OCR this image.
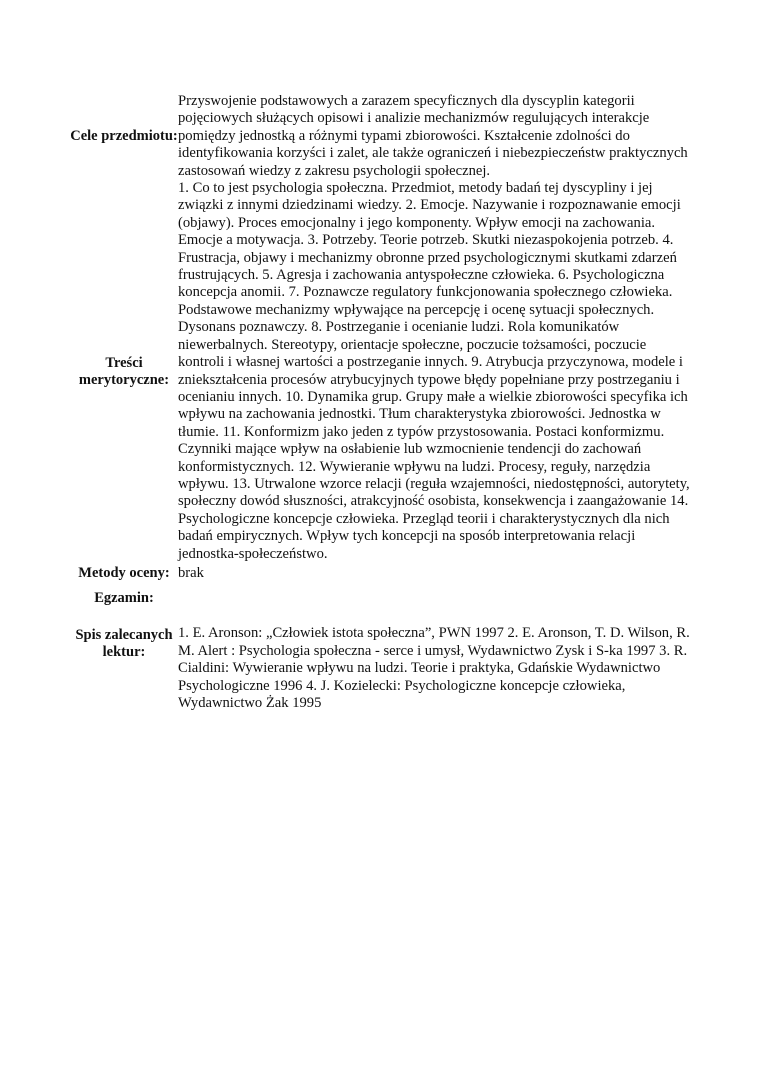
Cele przedmiotu:	Przyswojenie podstawowych a zarazem specyficznych dla dyscyplin kategorii pojęciowych służących opisowi i analizie mechanizmów regulujących interakcje pomiędzy jednostką a różnymi typami zbiorowości. Kształcenie zdolności do identyfikowania korzyści i zalet, ale także ograniczeń i niebezpieczeństw praktycznych zastosowań wiedzy z zakresu psychologii społecznej.
Treści merytoryczne:	1. Co to jest psychologia społeczna. Przedmiot, metody badań tej dyscypliny i jej związki z innymi dziedzinami wiedzy. 2. Emocje. Nazywanie i rozpoznawanie emocji (objawy). Proces emocjonalny i jego komponenty. Wpływ emocji na zachowania. Emocje a motywacja. 3. Potrzeby. Teorie potrzeb. Skutki niezaspokojenia potrzeb. 4. Frustracja, objawy i mechanizmy obronne przed psychologicznymi skutkami zdarzeń frustrujących. 5. Agresja i zachowania antyspołeczne człowieka. 6. Psychologiczna koncepcja anomii. 7. Poznawcze regulatory funkcjonowania społecznego człowieka. Podstawowe mechanizmy wpływające na percepcję i ocenę sytuacji społecznych. Dysonans poznawczy. 8. Postrzeganie i ocenianie ludzi. Rola komunikatów niewerbalnych. Stereotypy, orientacje społeczne, poczucie tożsamości, poczucie kontroli i własnej wartości a postrzeganie innych. 9. Atrybucja przyczynowa, modele i zniekształcenia procesów atrybucyjnych typowe błędy popełniane przy postrzeganiu i ocenianiu innych. 10. Dynamika grup. Grupy małe a wielkie zbiorowości specyfika ich wpływu na zachowania jednostki. Tłum charakterystyka zbiorowości. Jednostka w tłumie. 11. Konformizm jako jeden z typów przystosowania. Postaci konformizmu. Czynniki mające wpływ na osłabienie lub wzmocnienie tendencji do zachowań konformistycznych. 12. Wywieranie wpływu na ludzi. Procesy, reguły, narzędzia wpływu. 13. Utrwalone wzorce relacji (reguła wzajemności, niedostępności, autorytety, społeczny dowód słuszności, atrakcyjność osobista, konsekwencja i zaangażowanie 14. Psychologiczne koncepcje człowieka. Przegląd teorii i charakterystycznych dla nich badań empirycznych. Wpływ tych koncepcji na sposób interpretowania relacji jednostka-społeczeństwo.
Metody oceny:	brak
Egzamin:	
Spis zalecanych lektur:	1. E. Aronson: „Człowiek istota społeczna”, PWN 1997 2. E. Aronson, T. D. Wilson, R. M. Alert : Psychologia społeczna - serce i umysł, Wydawnictwo Zysk i S-ka 1997 3. R. Cialdini: Wywieranie wpływu na ludzi. Teorie i praktyka, Gdańskie Wydawnictwo Psychologiczne 1996 4. J. Kozielecki: Psychologiczne koncepcje człowieka, Wydawnictwo Żak 1995
